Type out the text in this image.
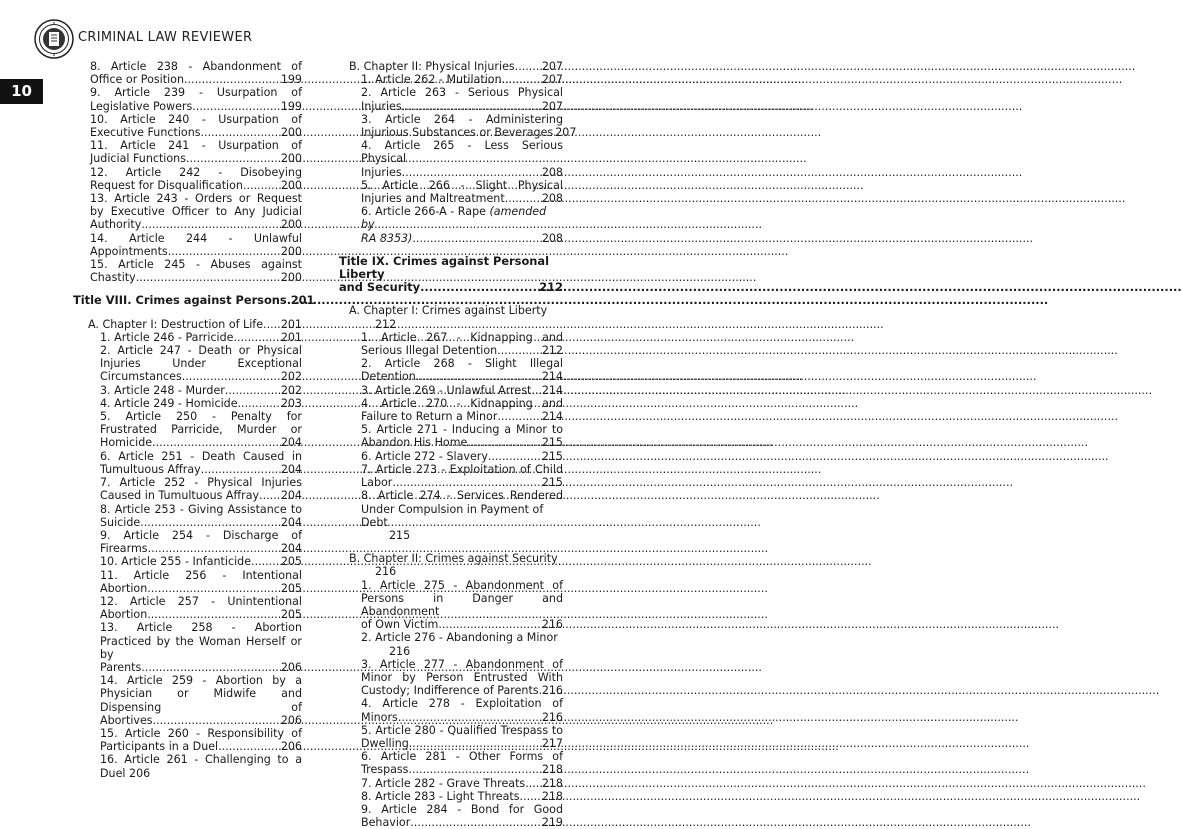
CRIMINAL LAW REVIEWER
10
8. Article 238 - Abandonment of
Office or Position .....	199
9. Article 239 - Usurpation of
Legislative Powers .....	199
10. Article 240 - Usurpation of
Executive Functions .....	200
11. Article 241 - Usurpation of
Judicial Functions .....	200
12. Article 242 - Disobeying
Request for Disqualification .....	200
13. Article 243 - Orders or Request
by Executive Officer to Any Judicial
Authority .....	200
14. Article 244 - Unlawful
Appointments .....	200
15. Article 245 - Abuses against
Chastity .....	200
Title VIII. Crimes against Persons ..... 201
A. Chapter I: Destruction of Life ..... 201
1. Article 246 - Parricide .....	201
2. Article 247 - Death or Physical
Injuries Under Exceptional
Circumstances .....	202
3. Article 248 - Murder .....	202
4. Article 249 - Homicide .....	203
5. Article 250 - Penalty for
Frustrated Parricide, Murder or
Homicide .....	204
6. Article 251 - Death Caused in
Tumultuous Affray .....	204
7. Article 252 - Physical Injuries
Caused in Tumultuous Affray ..... 204
8. Article 253 - Giving Assistance to
Suicide .....	204
9. Article 254 - Discharge of
Firearms .....	204
10. Article 255 - Infanticide .....	205
11. Article 256 - Intentional
Abortion .....	205
12. Article 257 - Unintentional
Abortion .....	205
13. Article 258 - Abortion
Practiced by the Woman Herself or by
Parents .....	206
14. Article 259 - Abortion by a
Physician or Midwife and Dispensing of
Abortives .....	206
15. Article 260 - Responsibility of
Participants in a Duel .....	206
16. Article 261 - Challenging to a
Duel 206
B. Chapter II: Physical Injuries ..... 207
1. Article 262 - Mutilation .....	207
2. Article 263 - Serious Physical
Injuries .....	207
3. Article 264 - Administering
Injurious Substances or Beverages ..... 207
4. Article 265 - Less Serious Physical
Injuries .....	208
5. Article 266 - Slight Physical
Injuries and Maltreatment .....	208
6. Article 266-A - Rape (amended by
RA 8353) .....	208
Title IX. Crimes against Personal Liberty
and Security .....	212
A. Chapter I: Crimes against Liberty
212
1. Article 267 - Kidnapping and
Serious Illegal Detention .....	212
2. Article 268 - Slight Illegal
Detention .....	214
3. Article 269 - Unlawful Arrest ..... 214
4. Article 270 - Kidnapping and
Failure to Return a Minor .....	214
5. Article 271 - Inducing a Minor to
Abandon His Home .....	215
6. Article 272 - Slavery .....	215
7. Article 273 - Exploitation of Child
Labor .....	215
8. Article 274 - Services Rendered
Under Compulsion in Payment of Debt
215
B. Chapter II: Crimes against Security
216
1. Article 275 - Abandonment of
Persons in Danger and Abandonment
of Own Victim .....	216
2. Article 276 - Abandoning a Minor
216
3. Article 277 - Abandonment of
Minor by Person Entrusted With
Custody; Indifference of Parents ..... 216
4. Article 278 - Exploitation of
Minors .....	216
5. Article 280 - Qualified Trespass to
Dwelling .....	217
6. Article 281 - Other Forms of
Trespass .....	218
7. Article 282 - Grave Threats ..... 218
8. Article 283 - Light Threats ..... 218
9. Article 284 - Bond for Good
Behavior .....	219
